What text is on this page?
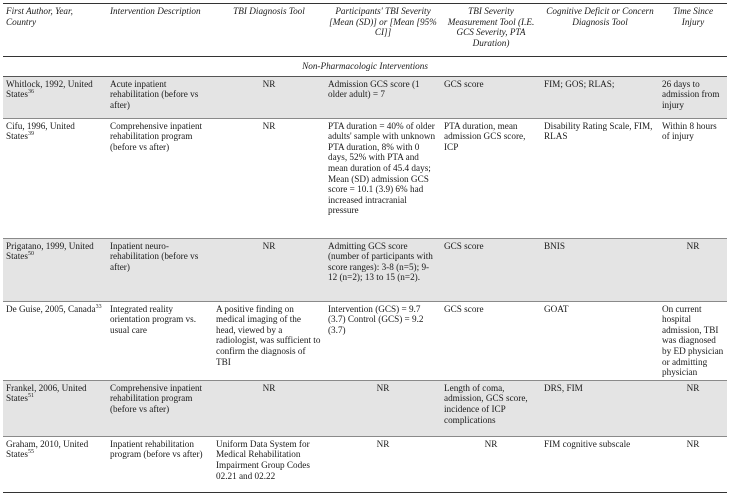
First Author, Year, Country	Intervention Description	TBI Diagnosis Tool	Participants' TBI Severity [Mean (SD)] or [Mean [95% CI]]	TBI Severity Measurement Tool (I.E. GCS Severity, PTA Duration)	Cognitive Deficit or Concern Diagnosis Tool	Time Since Injury
Non-Pharmacologic Interventions						
Whitlock, 1992, United States$^{36}$	Acute inpatient rehabilitation (before vs after)	NR	Admission GCS score (1 older adult) = 7	GCS score	FIM; GOS; RLAS;	26 days to admission from injury
Cifu, 1996, United States$^{39}$	Comprehensive inpatient rehabilitation program (before vs after)	NR	PTA duration = 40% of older adults' sample with unknown PTA duration, 8% with 0 days, 52% with PTA and mean duration of 45.4 days; Mean (SD) admission GCS score = 10.1 (3.9) 6% had increased intracranial pressure	PTA duration, mean admission GCS score, ICP	Disability Rating Scale, FIM, RLAS	Within 8 hours of injury
Prigatano, 1999, United States$^{50}$	Inpatient neuro-rehabilitation (before vs after)	NR	Admitting GCS score (number of participants with score ranges): 3-8 (n=5); 9-12 (n=2); 13 to 15 (n=2).	GCS score	BNIS	NR
De Guise, 2005, Canada$^{33}$	Integrated reality orientation program vs. usual care	A positive finding on medical imaging of the head, viewed by a radiologist, was sufficient to confirm the diagnosis of TBI	Intervention (GCS) = 9.7 (3.7) Control (GCS) = 9.2 (3.7)	GCS score	GOAT	On current hospital admission, TBI was diagnosed by ED physician or admitting physician
Frankel, 2006, United States$^{51}$	Comprehensive inpatient rehabilitation program (before vs after)	NR	NR	Length of coma, admission, GCS score, incidence of ICP complications	DRS, FIM	NR
Graham, 2010, United States$^{55}$	Inpatient rehabilitation program (before vs after)	Uniform Data System for Medical Rehabilitation Impairment Group Codes 02.21 and 02.22	NR	NR	FIM cognitive subscale	NR
